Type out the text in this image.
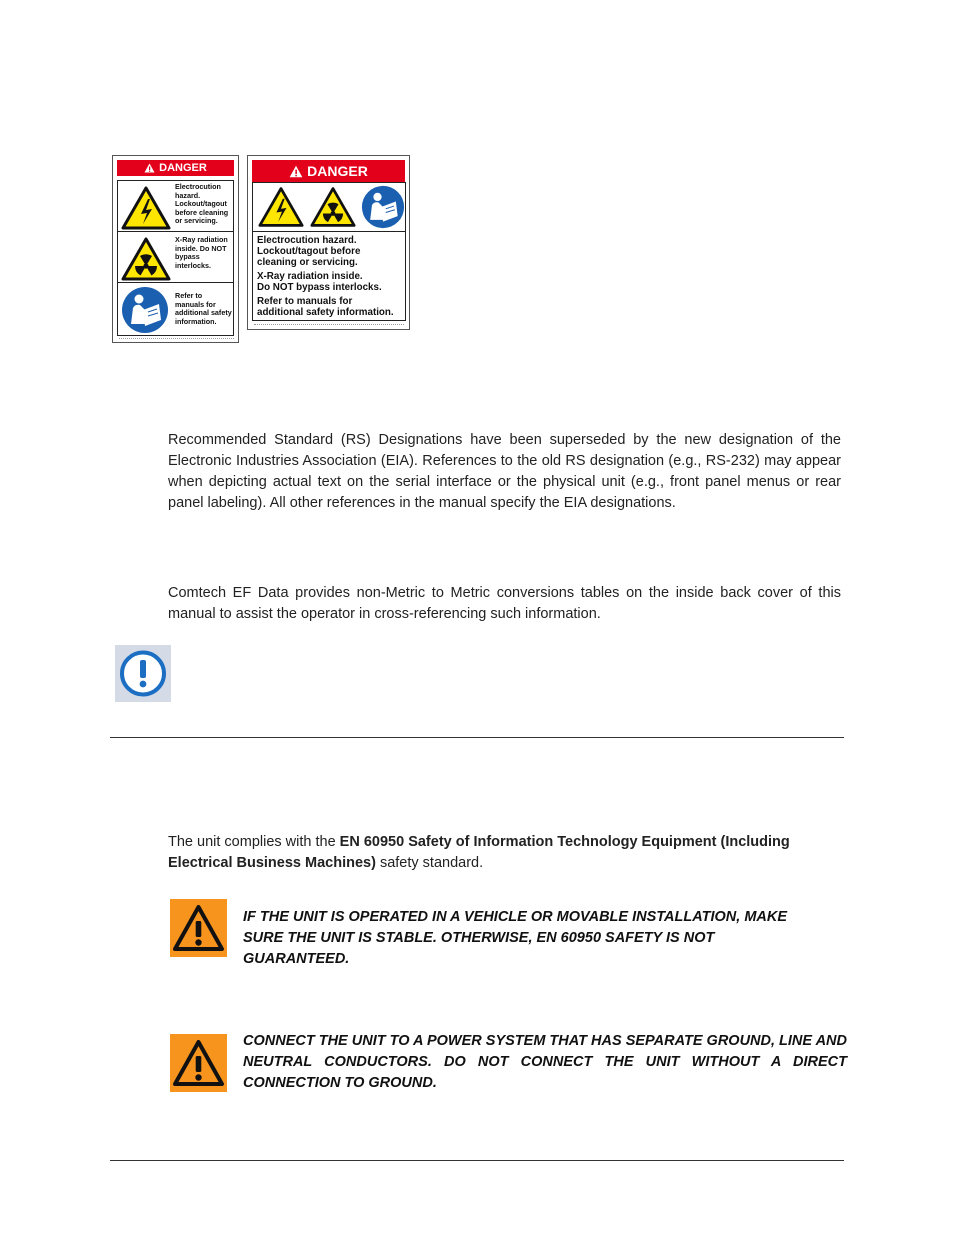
DANGER
Electrocution hazard. Lockout/tagout before cleaning or servicing.
X-Ray radiation inside. Do NOT bypass interlocks.
Refer to manuals for additional safety information.
DANGER
Electrocution hazard.
Lockout/tagout before
cleaning or servicing.
X-Ray radiation inside.
Do NOT bypass interlocks.
Refer to manuals for
additional safety information.
Recommended Standard (RS) Designations have been superseded by the new designation of the Electronic Industries Association (EIA). References to the old RS designation (e.g., RS-232) may appear when depicting actual text on the serial interface or the physical unit (e.g., front panel menus or rear panel labeling). All other references in the manual specify the EIA designations.
Comtech EF Data provides non-Metric to Metric conversions tables on the inside back cover of this manual to assist the operator in cross-referencing such information.
The unit complies with the EN 60950 Safety of Information Technology Equipment (Including Electrical Business Machines) safety standard.
IF THE UNIT IS OPERATED IN A VEHICLE OR MOVABLE INSTALLATION, MAKE SURE THE UNIT IS STABLE. OTHERWISE, EN 60950 SAFETY IS NOT GUARANTEED.
CONNECT THE UNIT TO A POWER SYSTEM THAT HAS SEPARATE GROUND, LINE AND NEUTRAL CONDUCTORS. DO NOT CONNECT THE UNIT WITHOUT A DIRECT CONNECTION TO GROUND.
